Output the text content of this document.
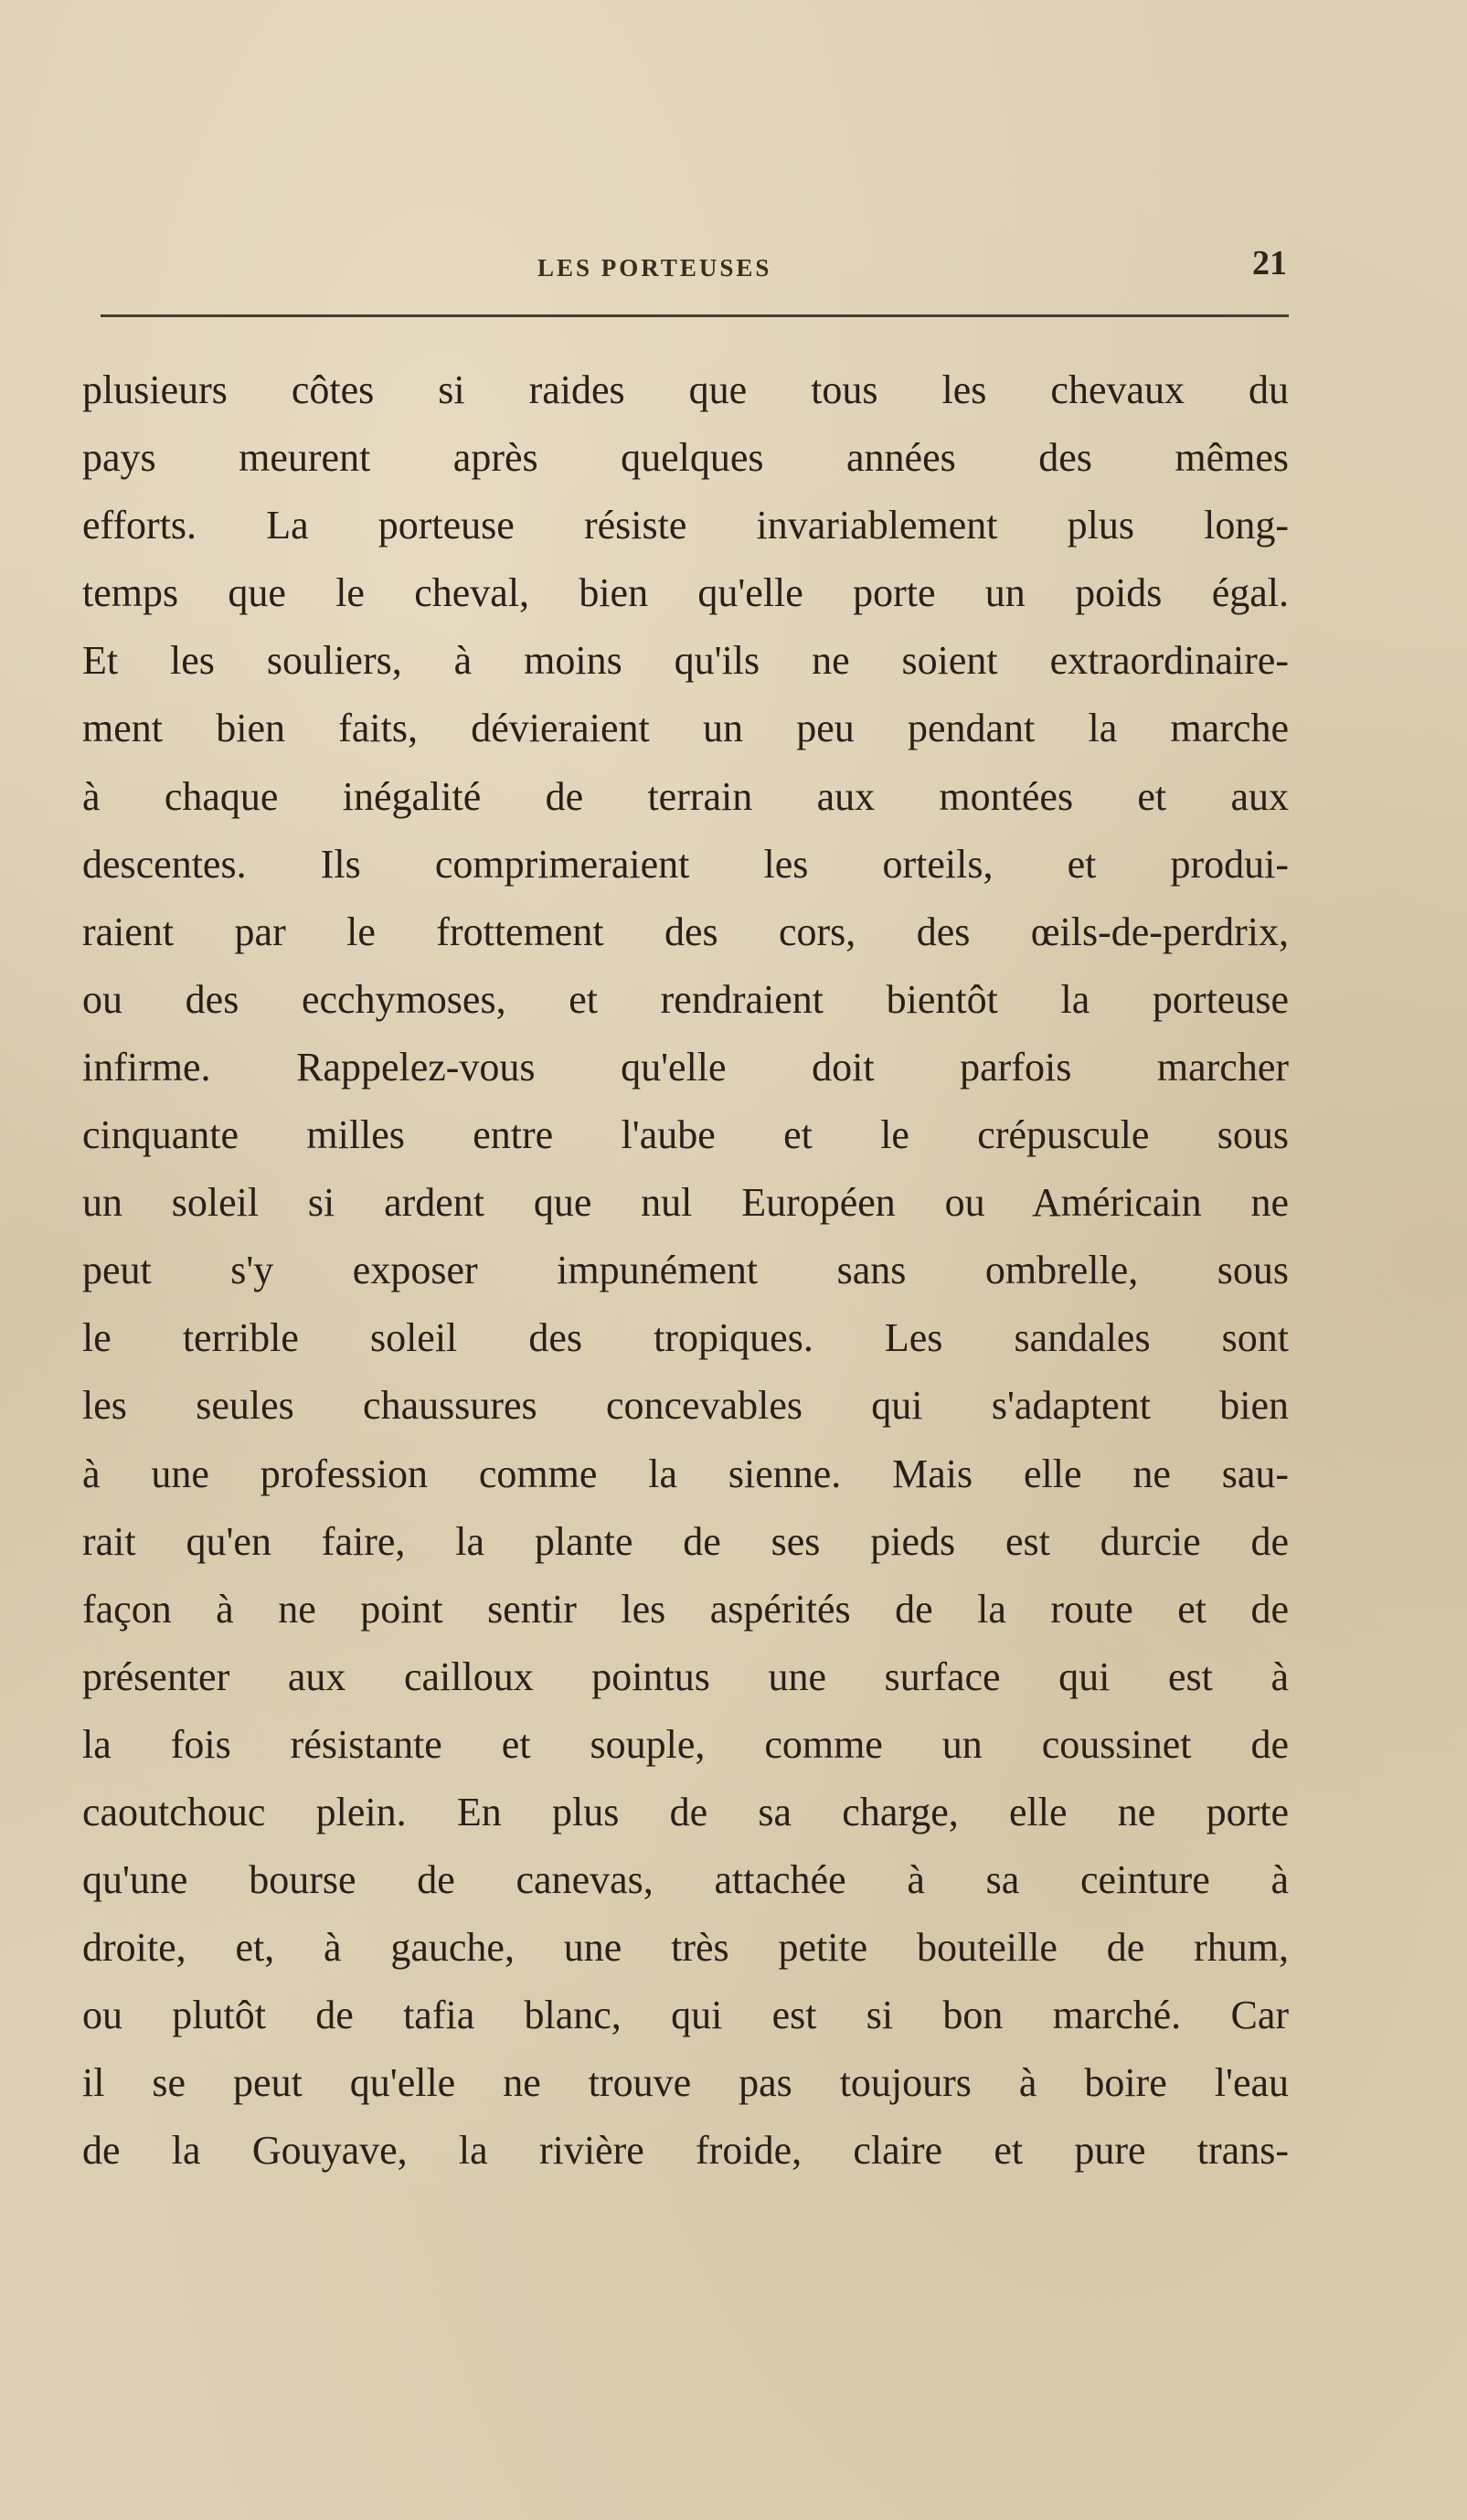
LES PORTEUSES	21
plusieurs côtes si raides que tous les chevaux du
pays meurent après quelques années des mêmes
efforts. La porteuse résiste invariablement plus long-
temps que le cheval, bien qu'elle porte un poids égal.
Et les souliers, à moins qu'ils ne soient extraordinaire-
ment bien faits, dévieraient un peu pendant la marche
à chaque inégalité de terrain aux montées et aux
descentes. Ils comprimeraient les orteils, et produi-
raient par le frottement des cors, des œils-de-perdrix,
ou des ecchymoses, et rendraient bientôt la porteuse
infirme. Rappelez-vous qu'elle doit parfois marcher
cinquante milles entre l'aube et le crépuscule sous
un soleil si ardent que nul Européen ou Américain ne
peut s'y exposer impunément sans ombrelle, sous
le terrible soleil des tropiques. Les sandales sont
les seules chaussures concevables qui s'adaptent bien
à une profession comme la sienne. Mais elle ne sau-
rait qu'en faire, la plante de ses pieds est durcie de
façon à ne point sentir les aspérités de la route et de
présenter aux cailloux pointus une surface qui est à
la fois résistante et souple, comme un coussinet de
caoutchouc plein. En plus de sa charge, elle ne porte
qu'une bourse de canevas, attachée à sa ceinture à
droite, et, à gauche, une très petite bouteille de rhum,
ou plutôt de tafia blanc, qui est si bon marché. Car
il se peut qu'elle ne trouve pas toujours à boire l'eau
de la Gouyave, la rivière froide, claire et pure trans-
